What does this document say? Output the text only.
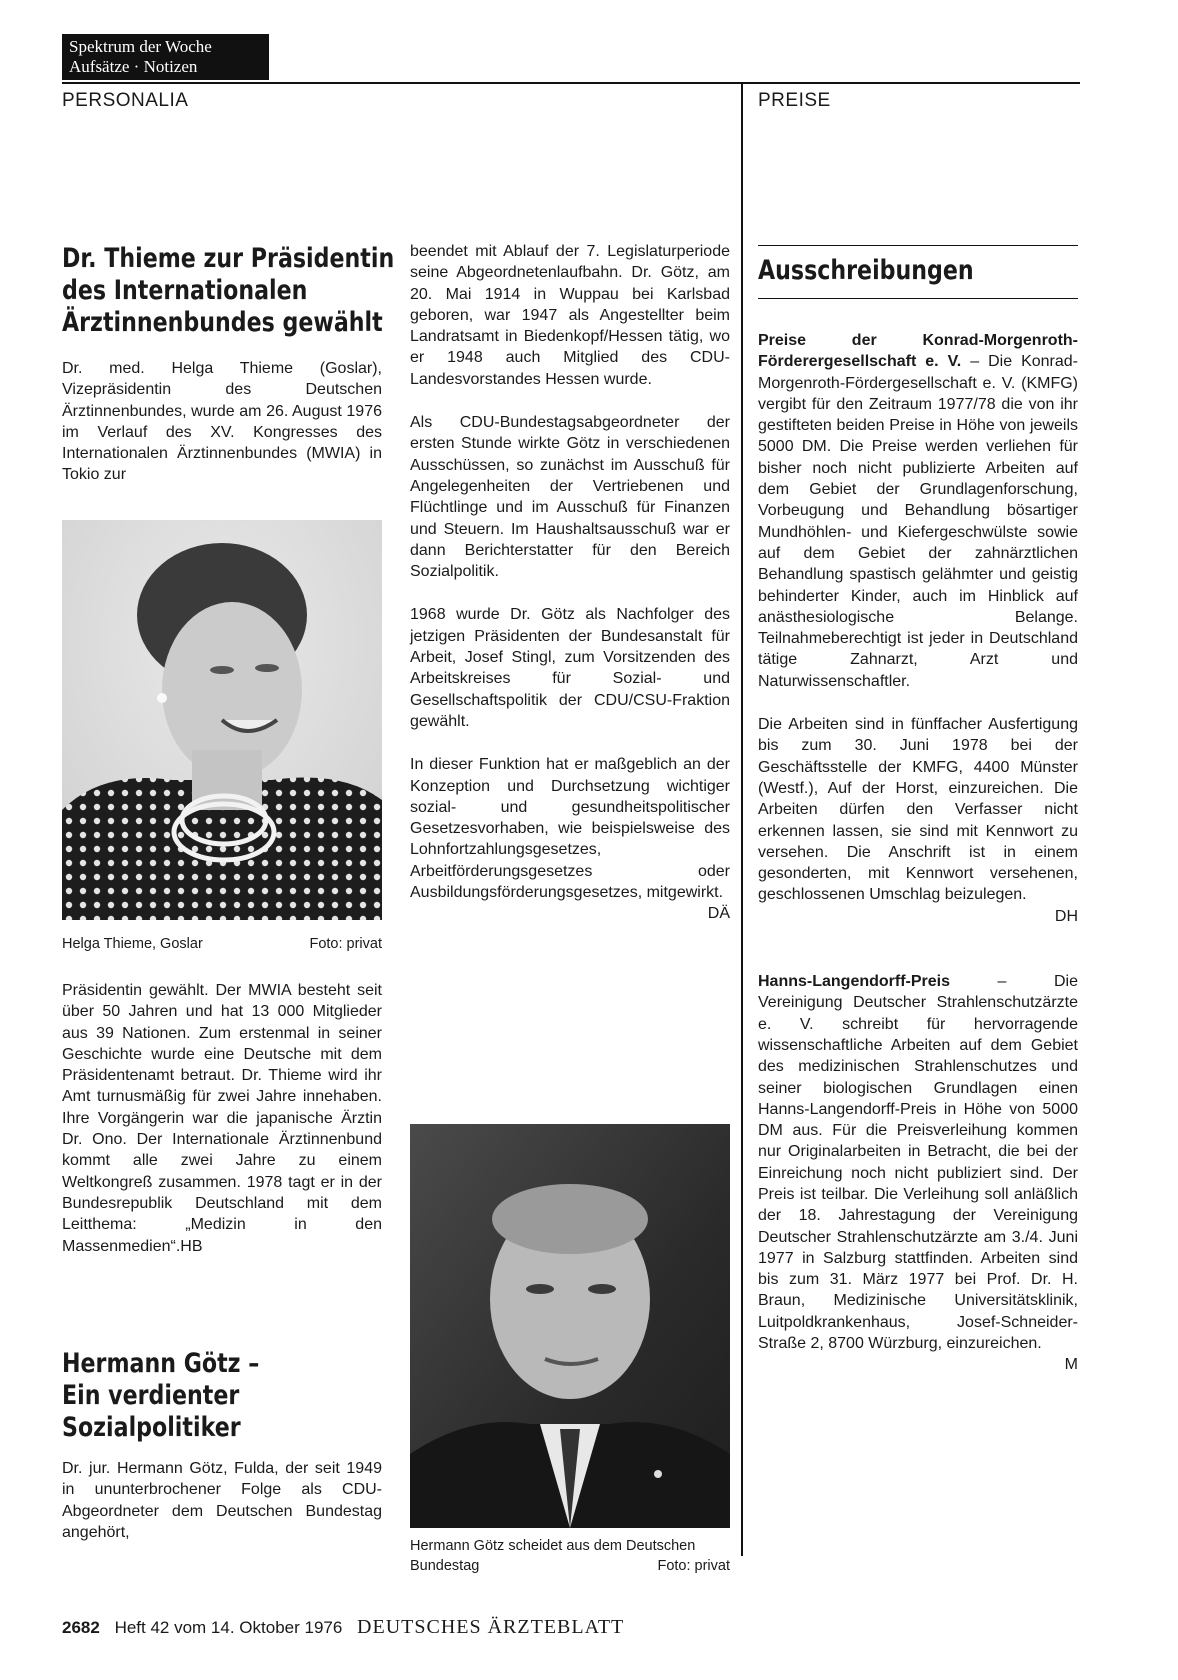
Spektrum der Woche
Aufsätze · Notizen
PERSONALIA	PREISE
Dr. Thieme zur Präsidentin
des Internationalen
Ärztinnenbundes gewählt

Dr. med. Helga Thieme (Goslar), Vizepräsidentin des Deutschen Ärztinnenbundes, wurde am 26. August 1976 im Verlauf des XV. Kongresses des Internationalen Ärztinnenbundes (MWIA) in Tokio zur

Helga Thieme, Goslar	Foto: privat

Präsidentin gewählt. Der MWIA besteht seit über 50 Jahren und hat 13 000 Mitglieder aus 39 Nationen. Zum erstenmal in seiner Geschichte wurde eine Deutsche mit dem Präsidentenamt betraut. Dr. Thieme wird ihr Amt turnusmäßig für zwei Jahre innehaben. Ihre Vorgängerin war die japanische Ärztin Dr. Ono. Der Internationale Ärztinnenbund kommt alle zwei Jahre zu einem Weltkongreß zusammen. 1978 tagt er in der Bundesrepublik Deutschland mit dem Leitthema: „Medizin in den Massenmedien“.HB

Hermann Götz –
Ein verdienter
Sozialpolitiker

Dr. jur. Hermann Götz, Fulda, der seit 1949 in ununterbrochener Folge als CDU-Abgeordneter dem Deutschen Bundestag angehört,

beendet mit Ablauf der 7. Legislaturperiode seine Abgeordnetenlaufbahn. Dr. Götz, am 20. Mai 1914 in Wuppau bei Karlsbad geboren, war 1947 als Angestellter beim Landratsamt in Biedenkopf/Hessen tätig, wo er 1948 auch Mitglied des CDU-Landesvorstandes Hessen wurde.

Als CDU-Bundestagsabgeordneter der ersten Stunde wirkte Götz in verschiedenen Ausschüssen, so zunächst im Ausschuß für Angelegenheiten der Vertriebenen und Flüchtlinge und im Ausschuß für Finanzen und Steuern. Im Haushaltsausschuß war er dann Berichterstatter für den Bereich Sozialpolitik.

1968 wurde Dr. Götz als Nachfolger des jetzigen Präsidenten der Bundesanstalt für Arbeit, Josef Stingl, zum Vorsitzenden des Arbeitskreises für Sozial- und Gesellschaftspolitik der CDU/CSU-Fraktion gewählt.

In dieser Funktion hat er maßgeblich an der Konzeption und Durchsetzung wichtiger sozial- und gesundheitspolitischer Gesetzesvorhaben, wie beispielsweise des Lohnfortzahlungsgesetzes, Arbeitförderungsgesetzes oder Ausbildungsförderungsgesetzes, mitgewirkt.

DÄ
Hermann Götz scheidet aus dem Deutschen Bundestag	Foto: privat
Ausschreibungen

Preise der Konrad-Morgenroth-Förderergesellschaft e. V. – Die Konrad-Morgenroth-Fördergesellschaft e. V. (KMFG) vergibt für den Zeitraum 1977/78 die von ihr gestifteten beiden Preise in Höhe von jeweils 5000 DM. Die Preise werden verliehen für bisher noch nicht publizierte Arbeiten auf dem Gebiet der Grundlagenforschung, Vorbeugung und Behandlung bösartiger Mundhöhlen- und Kiefergeschwülste sowie auf dem Gebiet der zahnärztlichen Behandlung spastisch gelähmter und geistig behinderter Kinder, auch im Hinblick auf anästhesiologische Belange. Teilnahmeberechtigt ist jeder in Deutschland tätige Zahnarzt, Arzt und Naturwissenschaftler.

Die Arbeiten sind in fünffacher Ausfertigung bis zum 30. Juni 1978 bei der Geschäftsstelle der KMFG, 4400 Münster (Westf.), Auf der Horst, einzureichen. Die Arbeiten dürfen den Verfasser nicht erkennen lassen, sie sind mit Kennwort zu versehen. Die Anschrift ist in einem gesonderten, mit Kennwort versehenen, geschlossenen Umschlag beizulegen.

DH

Hanns-Langendorff-Preis – Die Vereinigung Deutscher Strahlenschutzärzte e. V. schreibt für hervorragende wissenschaftliche Arbeiten auf dem Gebiet des medizinischen Strahlenschutzes und seiner biologischen Grundlagen einen Hanns-Langendorff-Preis in Höhe von 5000 DM aus. Für die Preisverleihung kommen nur Originalarbeiten in Betracht, die bei der Einreichung noch nicht publiziert sind. Der Preis ist teilbar. Die Verleihung soll anläßlich der 18. Jahrestagung der Vereinigung Deutscher Strahlenschutzärzte am 3./4. Juni 1977 in Salzburg stattfinden. Arbeiten sind bis zum 31. März 1977 bei Prof. Dr. H. Braun, Medizinische Universitätsklinik, Luitpoldkrankenhaus, Josef-Schneider-Straße 2, 8700 Würzburg, einzureichen.

M
2682 Heft 42 vom 14. Oktober 1976 DEUTSCHES ÄRZTEBLATT
